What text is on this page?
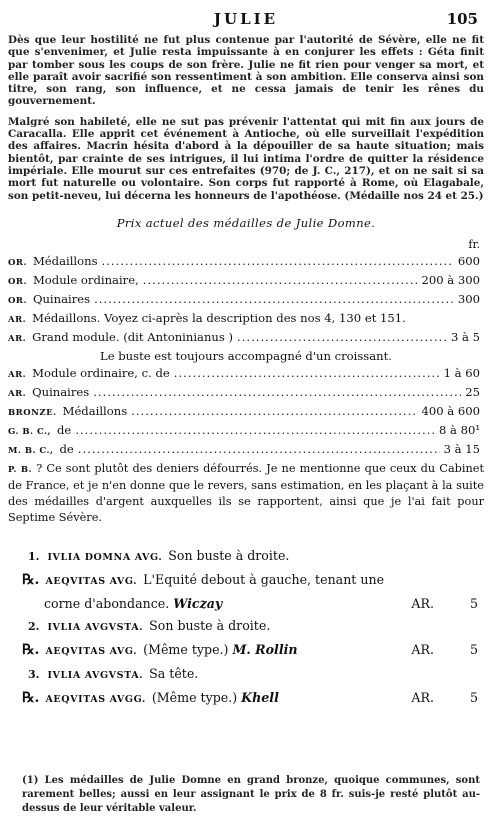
JULIE	105

Dès que leur hostilité ne fut plus contenue par l'autorité de Sévère, elle ne fit que s'envenimer, et Julie resta impuissante à en conjurer les effets : Géta finit par tomber sous les coups de son frère. Julie ne fit rien pour venger sa mort, et elle paraît avoir sacrifié son ressentiment à son ambition. Elle conserva ainsi son titre, son rang, son influence, et ne cessa jamais de tenir les rênes du gouvernement.

Malgré son habileté, elle ne sut pas prévenir l'attentat qui mit fin aux jours de Caracalla. Elle apprit cet événement à Antioche, où elle surveillait l'expédition des affaires. Macrin hésita d'abord à la dépouiller de sa haute situation; mais bientôt, par crainte de ses intrigues, il lui intima l'ordre de quitter la résidence impériale. Elle mourut sur ces entrefaites (970; de J. C., 217), et on ne sait si sa mort fut naturelle ou volontaire. Son corps fut rapporté à Rome, où Elagabale, son petit-neveu, lui décerna les honneurs de l'apothéose. (Médaille nos 24 et 25.)

Prix actuel des médailles de Julie Domne.
fr.
OR. Médaillons .....	600
OR. Module ordinaire, .....	200 à 300
OR. Quinaires .....	300
AR. Médaillons. Voyez ci-après la description des nos 4, 130 et 151.
AR. Grand module. (dit Antoninianus ) .....	3 à 5

Le buste est toujours accompagné d'un croissant.

AR. Module ordinaire, c. de .....	1 à 60
AR. Quinaires .....	25
BRONZE. Médaillons .....	400 à 600
G. B. C., de .....	8 à 80¹
M. B. C., de .....	3 à 15
P. B. ? Ce sont plutôt des deniers défourrés. Je ne mentionne que ceux du Cabinet de France, et je n'en donne que le revers, sans estimation, en les plaçant à la suite des médailles d'argent auxquelles ils se rapportent, ainsi que je l'ai fait pour Septime Sévère.
1. IVLIA DOMNA AVG. Son buste à droite.
℞. AEQVITAS AVG. L'Equité debout à gauche, tenant une
corne d'abondance.
Wiczay	AR.	5
2. IVLIA AVGVSTA. Son buste à droite.
℞. AEQVITAS AVG. (Même type.)
M. Rollin	AR.	5
3. IVLIA AVGVSTA. Sa tête.
℞. AEQVITAS AVGG. (Même type.)
Khell	AR.	5
(1) Les médailles de Julie Domne en grand bronze, quoique communes, sont rarement belles; aussi en leur assignant le prix de 8 fr. suis-je resté plutôt au-dessus de leur véritable valeur.
